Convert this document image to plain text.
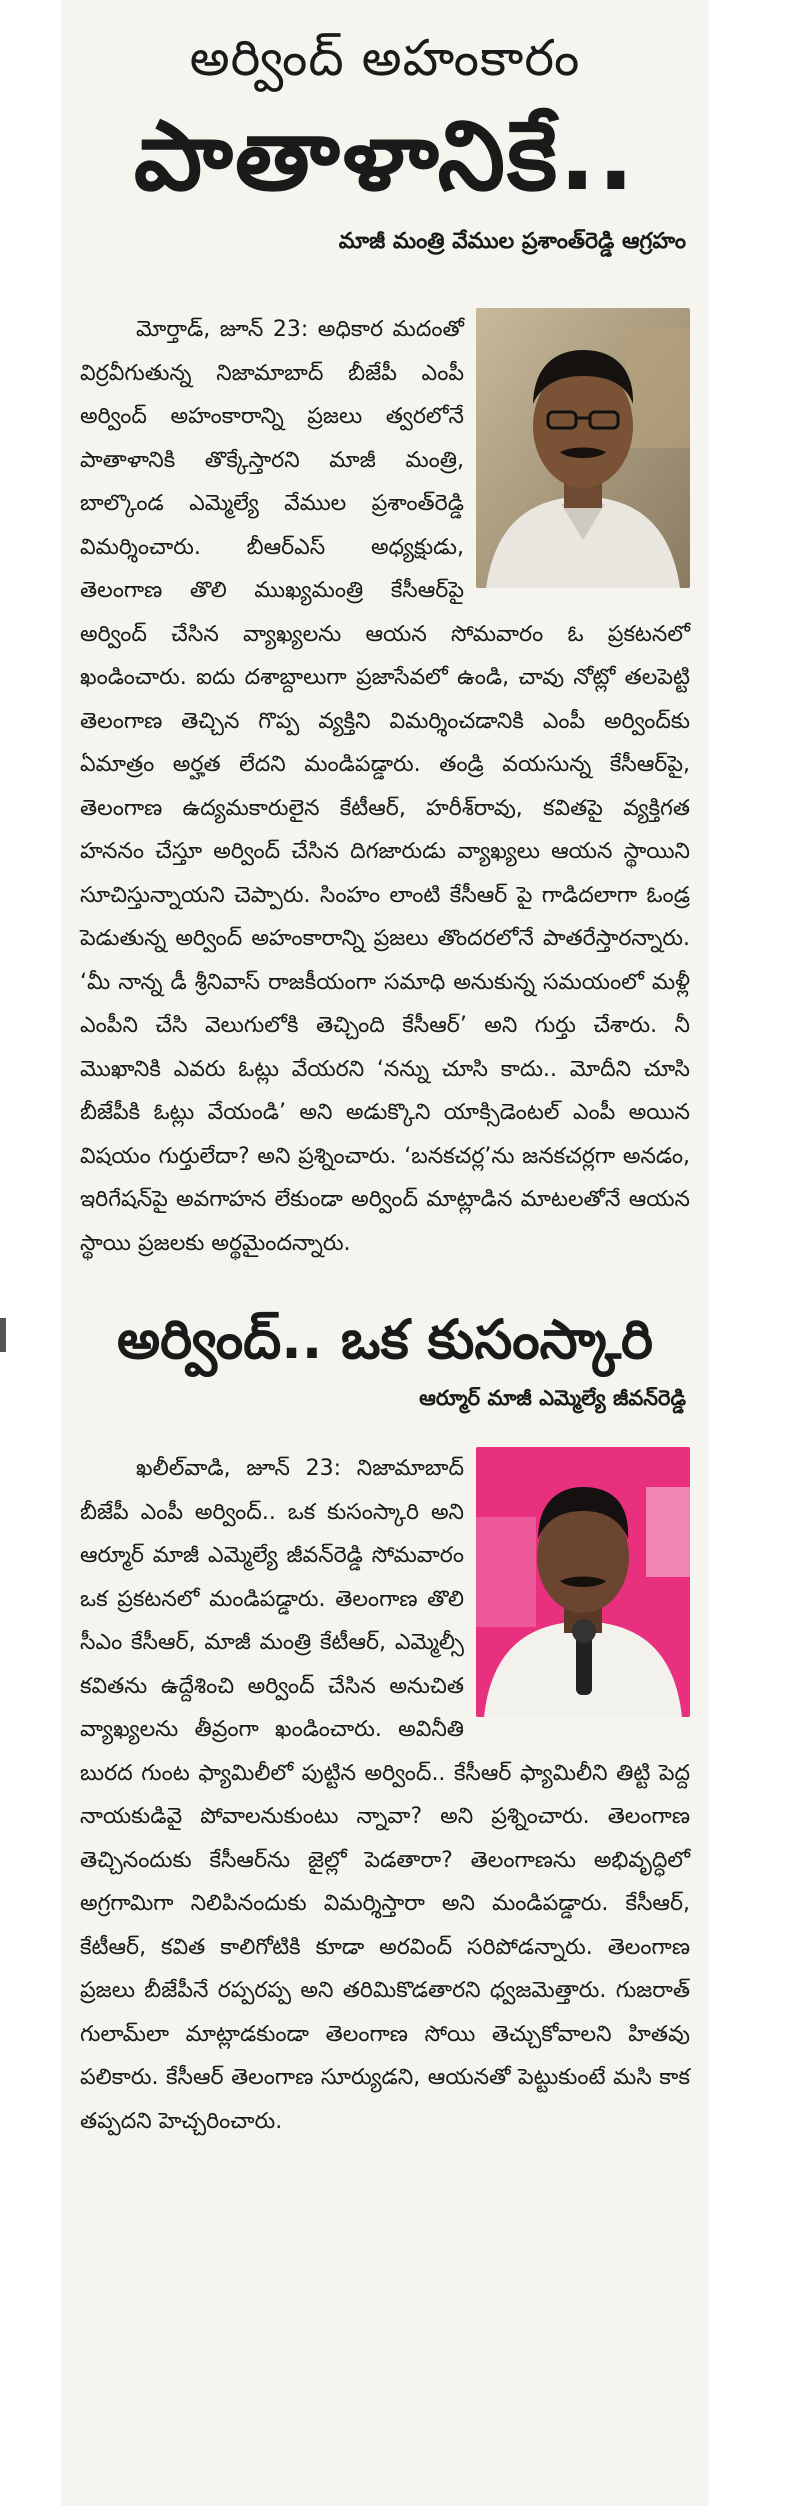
అర్వింద్ అహంకారం
పాతాళానికే..
మాజీ మంత్రి వేముల ప్రశాంత్‌రెడ్డి ఆగ్రహం

మోర్తాడ్, జూన్ 23: అధికార మదంతో విర్రవీగుతున్న నిజామాబాద్ బీజేపీ ఎంపీ అర్వింద్ అహంకారాన్ని ప్రజలు త్వరలోనే పాతాళానికి తొక్కేస్తారని మాజీ మంత్రి, బాల్కొండ ఎమ్మెల్యే వేముల ప్రశాంత్‌రెడ్డి విమర్శించారు. బీఆర్‌ఎస్ అధ్యక్షుడు, తెలంగాణ తొలి ముఖ్యమంత్రి కేసీఆర్‌పై అర్వింద్ చేసిన వ్యాఖ్యలను ఆయన సోమవారం ఓ ప్రకటనలో ఖండించారు. ఐదు దశాబ్దాలుగా ప్రజాసేవలో ఉండి, చావు నోట్లో తలపెట్టి తెలంగాణ తెచ్చిన గొప్ప వ్యక్తిని విమర్శించడానికి ఎంపీ అర్వింద్‌కు ఏమాత్రం అర్హత లేదని మండిపడ్డారు. తండ్రి వయసున్న కేసీఆర్‌పై, తెలంగాణ ఉద్యమకారులైన కేటీఆర్, హరీశ్‌రావు, కవితపై వ్యక్తిగత హననం చేస్తూ అర్వింద్ చేసిన దిగజారుడు వ్యాఖ్యలు ఆయన స్థాయిని సూచిస్తున్నాయని చెప్పారు. సింహం లాంటి కేసీఆర్ పై గాడిదలాగా ఓండ్ర పెడుతున్న అర్వింద్ అహంకారాన్ని ప్రజలు తొందరలోనే పాతరేస్తారన్నారు. ‘మీ నాన్న డీ శ్రీనివాస్ రాజకీయంగా సమాధి అనుకున్న సమయంలో మళ్లీ ఎంపీని చేసి వెలుగులోకి తెచ్చింది కేసీఆర్’ అని గుర్తు చేశారు. నీ మొఖానికి ఎవరు ఓట్లు వేయరని ‘నన్ను చూసి కాదు.. మోదీని చూసి బీజేపీకి ఓట్లు వేయండి’ అని అడుక్కొని యాక్సిడెంటల్ ఎంపీ అయిన విషయం గుర్తులేదా? అని ప్రశ్నించారు. ‘బనకచర్ల’ను జనకచర్లగా అనడం, ఇరిగేషన్‌పై అవగాహన లేకుండా అర్వింద్ మాట్లాడిన మాటలతోనే ఆయన స్థాయి ప్రజలకు అర్థమైందన్నారు.

అర్వింద్.. ఒక కుసంస్కారి
ఆర్మూర్ మాజీ ఎమ్మెల్యే జీవన్‌రెడ్డి

ఖలీల్‌వాడి, జూన్ 23: నిజామాబాద్ బీజేపీ ఎంపీ అర్వింద్.. ఒక కుసంస్కారి అని ఆర్మూర్ మాజీ ఎమ్మెల్యే జీవన్‌రెడ్డి సోమవారం ఒక ప్రకటనలో మండిపడ్డారు. తెలంగాణ తొలి సీఎం కేసీఆర్, మాజీ మంత్రి కేటీఆర్, ఎమ్మెల్సీ కవితను ఉద్దేశించి అర్వింద్ చేసిన అనుచిత వ్యాఖ్యలను తీవ్రంగా ఖండించారు. అవినీతి బురద గుంట ఫ్యామిలీలో పుట్టిన అర్వింద్.. కేసీఆర్ ఫ్యామిలీని తిట్టి పెద్ద నాయకుడివై పోవాలనుకుంటు న్నావా? అని ప్రశ్నించారు. తెలంగాణ తెచ్చినందుకు కేసీఆర్‌ను జైల్లో పెడతారా? తెలంగాణను అభివృద్ధిలో అగ్రగామిగా నిలిపినందుకు విమర్శిస్తారా అని మండిపడ్డారు. కేసీఆర్, కేటీఆర్, కవిత కాలిగోటికి కూడా అరవింద్ సరిపోడన్నారు. తెలంగాణ ప్రజలు బీజేపీనే రప్పరప్ప అని తరిమికొడతారని ధ్వజమెత్తారు. గుజరాత్ గులామ్‌లా మాట్లాడకుండా తెలంగాణ సోయి తెచ్చుకోవాలని హితవు పలికారు. కేసీఆర్ తెలంగాణ సూర్యుడని, ఆయనతో పెట్టుకుంటే మసి కాక తప్పదని హెచ్చరించారు.
